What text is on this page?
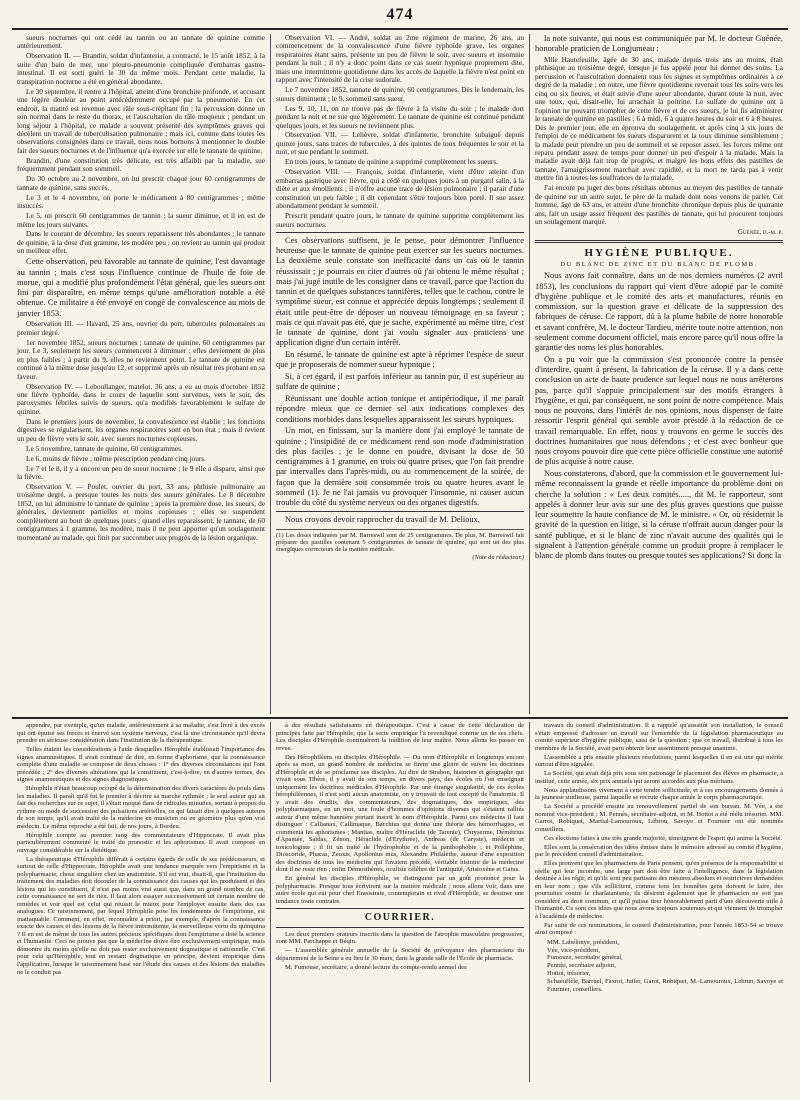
474

sueurs nocturnes qui ont cédé au tannin ou au tannate de quinine comme antérieurement.

Observation II. — Brandin, soldat d'infanterie, a contracté, le 15 août 1852, à la suite d'un bain de mer, une pleuro-pneumonie compliquée d'embarras gastro-intestinal. Il est sorti guéri le 30 du même mois. Pendant cette maladie, la transpiration nocturne a été en général abondante.

Le 30 septembre, il rentre à l'hôpital, atteint d'une bronchite profonde, et accusant une légère douleur au point antécédemment occupé par la pneumonie. En cet endroit, la matité est revenue avec râle sous-crépitant fin ; la percussion donne un son normal dans le reste du thorax, et l'auscultation du râle muqueux ; pendant un long séjour à l'hôpital, ce malade a souvent présenté des symptômes graves qui décèlent un travail de tuberculisation pulmonaire ; mais ici, comme dans toutes les observations consignées dans ce travail, nous nous bornons à mentionner le double fait des sueurs nocturnes et de l'influence qu'a exercée sur elle le tannate de quinine.

Brandin, d'une constitution très délicate, est très affaibli par la maladie, sue fréquemment pendant son sommeil.

Du 30 octobre au 2 novembre, on lui prescrit chaque jour 60 centigrammes de tannate de quinine, sans succès.

Le 3 et le 4 novembre, on porte le médicament à 80 centigrammes ; même insuccès.

Le 5, on prescrit 60 centigrammes de tannin ; la sueur diminue, et il en est de même les jours suivants.

Dans le courant de décembre, les sueurs reparaissent très abondantes ; le tannate de quinine, à la dose d'un gramme, les modère peu ; on revient au tannin qui produit un meilleur effet.

Cette observation, peu favorable au tannate de quinine, l'est davantage au tannin ; mais c'est sous l'influence continue de l'huile de foie de morue, qui a modifié plus profondément l'état général, que les sueurs ont fini par disparaître, en même temps qu'une amélioration notable a été obtenue. Ce militaire a été envoyé en congé de convalescence au mois de janvier 1853.

Observation III. — Havard, 25 ans, ouvrier du port, tubercules pulmonaires au premier degré.

1er novembre 1852, sueurs nocturnes ; tannate de quinine, 60 centigrammes par jour. Le 3, seulement les sueurs commencent à diminuer ; elles deviennent de plus en plus faibles ; à partir du 9, elles ne reviennent point. Le tannate de quinine est continué à la même dose jusqu'au 12, et supprimé après un résultat très probant en sa faveur.

Observation IV. — Leboullanger, matelot, 36 ans, a eu au mois d'octobre 1852 une fièvre typhoïde, dans le cours de laquelle sont survenus, vers le soir, des paroxysmes fébriles suivis de sueurs, qu'a modifiés favorablement le sulfate de quinine.

Dans le premiers jours de novembre, la convalescence est établie ; les fonctions digestives se régularisent, les organes respiratoires sont en bon état ; mais il revient un peu de fièvre vers le soir, avec sueurs nocturnes copieuses.

Le 5 novembre, tannate de quinine, 60 centigrammes.

Le 6, moins de fièvre ; même prescription pendant cinq jours.

Le 7 et le 8, il y a encore un peu de sueur nocturne ; le 9 elle a disparu, ainsi que la fièvre.

Observation V. — Poulet, ouvrier du port, 33 ans, phthisie pulmonaire au troisième degré, a presque toutes les nuits des sueurs générales. Le 8 décembre 1852, on lui administre le tannate de quinine ; après la première dose, les sueurs, de générales, deviennent partielles et moins copieuses ; elles se suspendent complètement au bout de quelques jours ; quand elles reparaissent, le tannate, de 60 centigrammes à 1 gramme, les modère, mais il ne peut apporter qu'un soulagement momentané au malade, qui finit par succomber aux progrès de la lésion organique.

Observation VI. — André, soldat au 2me régiment de marine, 26 ans, au commencement de la convalescence d'une fièvre typhoïde grave, les organes respiratoires étant sains, présente un peu de fièvre le soir, avec sueurs et insomnie pendant la nuit ; il n'y a donc point dans ce cas sueur hypnique proprement dite, mais une intermittente quotidienne dans les accès de laquelle la fièvre n'est point en rapport avec l'intensité de la crise sudorale.

Le 7 novembre 1852, tannate de quinine, 60 centigrammes. Dès le lendemain, les sueurs diminuent ; le 9, sommeil sans sueur.

Les 9, 10, 11, on ne trouve pas de fièvre à la visite du soir ; le malade dort pendant la nuit et ne sue que légèrement. Le tannate de quinine est continué pendant quelques jours, et les sueurs ne reviennent plus.

Observation VII. — Lelièvre, soldat d'infanterie, bronchite subaiguë depuis quinze jours, sans traces de tubercules, à des quintes de toux fréquentes le soir et la nuit, et sue pendant le sommeil.

En trois jours, le tannate de quinine a supprimé complètement les sueurs.

Observation VIII. — François, soldat d'infanterie, vient d'être atteint d'un embarras gastrique avec fièvre, qui a cédé en quelques jours à un purgatif salin, à la diète et aux émollients ; il n'offre aucune trace de lésion pulmonaire ; il parait d'une constitution un peu faible ; il dit cependant s'être toujours bien porté. Il sue assez abondamment pendant le sommeil.

Prescrit pendant quatre jours, le tannate de quinine supprime complètement les sueurs nocturnes.

Ces observations suffisent, je le pense, pour démontrer l'influence heureuse que le tannate de quinine peut exercer sur les sueurs nocturnes. La deuxième seule constate son inefficacité dans un cas où le tannin réussissait ; je pourrais en citer d'autres où j'ai obtenu le même résultat ; mais j'ai jugé inutile de les consigner dans ce travail, parce que l'action du tannin et de quelques substances tannifères, telles que le cachou, contre le symptôme sueur, est connue et appréciée depuis longtemps ; seulement il était utile peut-être de déposer un nouveau témoignage en sa faveur ; mais ce qui n'avait pas été, que je sache, expérimenté au même titre, c'est le tannate de quinine, dont j'ai voulu signaler aux praticiens une application digne d'un certain intérêt.

En résumé, le tannate de quinine est apte à réprimer l'espèce de sueur que je proposerais de nommer sueur hypnique ;

Si, à cet égard, il est parfois inférieur au tannin pur, il est supérieur au sulfate de quinine ;

Réunissant une double action tonique et antipériodique, il me paraît répondre mieux que ce dernier sel aux indications complexes des conditions morbides dans lesquelles apparaissent les sueurs hypniques.

Un mot, en finissant, sur la manière dont j'ai employé le tannate de quinine ; l'insipidité de ce médicament rend son mode d'administration des plus faciles ; je le donne en poudre, divisant la dose de 50 centigrammes à 1 gramme, en trois ou quatre prises, que l'on fait prendre par intervalles dans l'après-midi, ou au commencement de la soirée, de façon que la dernière soit consommée trois ou quatre heures avant le sommeil (1). Je ne l'ai jamais vu provoquer l'insomnie, ni causer aucun trouble du côté du système nerveux ou des organes digestifs.

Nous croyons devoir rapprocher du travail de M. Delioux,

(1) Les doses indiquées par M. Barreswil sont de 25 centigrammes. De plus, M. Barreswil fait préparer des pastilles contenant 5 centigrammes de tannate de quinine, qui sont un des plus énergiques correcteurs de la matière médicale.
(Note du rédacteur.)

la note suivante, qui nous est communiquée par M. le docteur Guénée, honorable praticien de Longjumeau :

Mlle Hautefeuille, âgée de 30 ans, malade depuis trois ans au moins, était phthisique au troisième degré, lorsque je fus appelé pour lui donner des soins. La percussion et l'auscultation donnaient tous les signes et symptômes ordinaires à ce degré de la maladie ; en outre, une fièvre quotidienne revenait tous les soirs vers les cinq ou six heures, et était suivie d'une sueur abondante, durant toute la nuit, avec une toux, qui, disait-elle, lui arrachait la poitrine. Le sulfate de quinine ont à l'opinion ne pouvant triompher de cette fièvre et de ces sueurs, je lui fis administrer le tannate de quinine en pastilles : 6 à midi, 6 à quatre heures du soir et 6 à 8 heures. Dès le premier jour, elle en éprouva du soulagement, et après cinq à six jours de l'emploi de ce médicament les sueurs disparurent et la toux diminue sensiblement ; la malade peut prendre un peu de sommeil et se reposer assez. les forces même ont reparu pendant assez de temps pour donner un peu d'espoir à la malade. Mais la maladie avait déjà fait trop de progrès, et malgré les bons effets des pastilles de tannate, l'amaigrissement marchait avec rapidité, et la mort ne tarda pas à venir mettre fin à toutes les souffrances de la malade.

J'ai encore pu juger des bons résultats obtenus au moyen des pastilles de tannate de quinine sur un autre sujet, le père de la malade dont nous venons de parler. Cet homme, âgé de 63 ans, et atteint d'une bronchite chronique depuis plus de quarante ans, fait un usage assez fréquent des pastilles de tannate, qui lui procurent toujours un soulagement marqué.

Guénée, d.-m. p.
HYGIÈNE PUBLIQUE.
DU BLANC DE ZINC ET DU BLANC DE PLOMB.

Nous avons fait connaître, dans un de nos derniers numéros (2 avril 1853), les conclusions du rapport qui vient d'être adopté par le comité d'hygiène publique et le comité des arts et manufactures, réunis en commission, sur la question grave et délicate de la suppression des fabriques de céruse. Ce rapport, dû à la plume habile de notre honorable et savant confrère, M. le docteur Tardieu, mérite toute notre attention, non seulement comme document officiel, mais encore parce qu'il nous offre la garantie des noms les plus honorables.

On a pu voir que la commission s'est prononcée contre la pensée d'interdire, quant à présent, la fabrication de la céruse. Il y a dans cette conclusion un acte de haute prudence sur lequel nous ne nous arrêterons pas, parce qu'il s'appuie principalement sur des motifs étrangers à l'hygiène, et qui, par conséquent, ne sont point de notre compétence. Mais nous ne pouvons, dans l'intérêt de nos opinions, nous dispenser de faire ressortir l'esprit général qui semble avoir présidé à la rédaction de ce travail remarquable. En effet, nous y trouvons en germe le succès des doctrines humanitaires que nous défendons ; et c'est avec bonheur que nous croyons pouvoir dire que cette pièce officielle constitue une autorité de plus acquise à notre cause.

Nous constaterons, d'abord, que la commission et le gouvernement lui-même reconnaissent la grande et réelle importance du problème dont on cherche la solution : « Les deux comités....., dit M. le rapporteur, sont appelés à donner leur avis sur une des plus graves questions que puisse leur soumettre la haute confiance de M. le ministre. » Or, où résidernit la gravité de la question en litige, si la céruse n'offrait aucun danger pour la santé publique, et si le blanc de zinc n'avait aucune des qualités qui le signalent à l'attention générale comme un produit propre à remplacer le blanc de plomb dans toutes ou presque toutes ses applications? Si donc la

appendre, par exemple, qu'un malade, antérieurement à sa maladie, s'est livré à des excès qui ont épuisé ses forces et énervé son système nerveux, c'est là une circonstance qu'il devra prendre en sérieuse considération dans l'institution de la thérapeutique.

Telles étaient les considérations à l'aide desquelles Hérophile établissait l'importance des signes anamnestiques. Il avait continué de dire, en forme d'aphorisme, que la connaissance complète d'une maladie se compose de deux choses : 1° des diverses circonstances qui l'ont précédée ; 2° des diverses altérations qui la constituent, c'est-à-dire, en d'autres termes, des signes anamnestiques et des signes diagnostiques.

Hérophile n'était beaucoup occupé de la détermination des divers caractères du pouls dans les maladies. Il paraît qu'il fut le premier à décrire sa marche rythmée ; le seul auteur qui ait fait des recherches sur ce sujet, il s'était moqué dans de ridicules minuties, sortant à propos du rythme ou mode de succession des pulsations artérielles, ce qui faisait dire à quelques auteurs de son temps, qu'il avait traité de la médecine en musicien ou en géomètre plus qu'en vrai médecin. Le même reproche a été fait, de nos jours, à Bordeu.

Hérophile compte au premier rang des commentateurs d'Hippocrate. Il avait plus particulièrement commenté le traité du pronostic et les aphorismes. Il avait composé un ouvrage considérable sur la diététique.

La thérapeutique d'Hérophile différait à certains égards de celle de ses prédécesseurs, et surtout de celle d'Hippocrate. Hérophile avait une tendance marquée vers l'empirisme et la polypharmacie, chose singulière chez un anatomiste. S'il est vrai, disait-il, que l'institution du traitement des maladies doit découler de la connaissance des causes qui les produisent et des lésions qui les constituent, il n'est pas moins vrai aussi que, dans un grand nombre de cas, cette connaissance ne sert de rien. Il faut alors essayer successivement un certain nombre de remèdes et voir quel est celui qui réussit le mieux pour l'employer ensuite dans des cas analogues. Ce raisonnement, par lequel Hérophile pose les fondements de l'empirisme, est inattaquable. Comment, en effet, reconnaître a priori, par exemple, d'après la connaissance exacte des causes et des lésions de la fièvre intermittente, la merveilleuse vertu du quinquina ? Il en est de même de tous les autres précieux spécifiques dont l'empirisme a doté la science et l'humanité. Ceci ne prouve pas que la médecine doive être exclusivement empirique, mais démontre du moins qu'elle ne doit pas rester exclusivement dogmatique et rationnelle. C'est pour cela qu'Hérophile, tout en restant dogmatique en principe, devient empirique dans l'application, lorsque le raisonnement basé sur l'étude des causes et des lésions des maladies ne le conduit pas

à des résultats satisfaisants en thérapeutique. C'est à cause de cette déclaration de principes faite par Hérophile, que la secte empirique l'a revendiqué comme un de ses chefs. Les disciples d'Hérophile continuèrent la tradition de leur maître. Nous allons les passer en revue.

Des Hérophiléens ou disciples d'Hérophile. — Du nom d'Hérophile et longtemps encore après sa mort, un grand nombre de médecins se firent une gloire de suivre les doctrines d'Hérophile et de se proclamer ses disciples. Au dire de Strabon, historien et géographe qui vivait sous Tibère, il y avait de son temps, en divers pays, des écoles où l'on enseignait uniquement les doctrines médicales d'Hérophile. Par une étrange singularité, de ces écoles hérophiléennes, il n'est sorti aucun anatomiste, on y trouvait de tout excepté de l'anatomie. Il y avait des érudits, des commentateurs, des dogmatiques, des empiriques, des polypharmaques, en un mot, une foule d'hommes d'opinions diverses qui s'étaient ralliés autour d'une même bannière portant inscrit le nom d'Hérophile. Parmi ces médecins il faut distinguer : Callianax, Callimaque, Bacchius qui donna une théorie des hémorrhagies, et commenta les aphorismes ; Mantias, maître d'Héraclide (de Tarente), Chrysermе, Démétrius d'Apamée, Saïdas, Zénon, Héraclide (d'Erythrée), Andreas (de Caryste), médecin et toxicologiste ; il fit un traité de l'hydrophobie et de la panthophobie ; et Polléphine, Dioscoride, Phacas, Zeuxis, Apollonius mus, Alexandre Philalèthe, auteur d'une exposition des doctrines de tous les médecins qui l'avaient précédé, véritable histoire de la médecine dont il ne reste rien ; enfin Démosthènes, oculiste célèbre de l'antiquité, Aristoxène et Gaius.

En général les disciples d'Hérophile, se distinguent par un goût prononcé pour la polypharmacie. Presque tous écrivirent sur la matière médicale ; nous allons voir, dans une autre école qui eut pour chef Erasistrate, contemporain et rival d'Hérophile, se dessiner une tendance toute contraire.

COURRIER.

Les deux premiers orateurs inscrits dans la question de l'atrophie musculaire progressive, sont MM. Parchappe et Béqin.

— L'assemblée générale annuelle de la Société de prévoyance des pharmaciens du département de la Seine a eu lieu le 30 mars, dans la grande salle de l'École de pharmacie.

M. Fumouse, secrétaire, a donné lecture du compte-rendu annuel des

travaux du conseil d'administration. Il a rappelé qu'aussitôt son installation, le conseil s'était empressé d'adresser un travail sur l'ensemble de la législation pharmaceutique au comité supérieur d'hygiène publique, saisi de la question ; que ce travail, distribué à tous les membres de la Société, avait paru obtenir leur assentiment presque unanime.

L'assemblée a pris ensuite plusieurs résolutions, parmi lesquelles il en est une qui mérite surtout d'être signalée.

La Société, qui avait déjà pris sous son patronage le placement des élèves en pharmacie, a institué, cette année, six prix annuels qui seront accordés aux plus méritans.

Nous applaudissons vivement à cette tendre sollicitude, et à ces encouragements donnés à la jeunesse studieuse, parmi laquelle se recrute chaque année le corps pharmaceutique.

La Société a procédé ensuite au renouvellement partiel de son bureau. M. Vée, a été nommé vice-président ; M. Pennès, secrétaire-adjoint, et M. Hottot a été réélu trésorier. MM. Garrot, Robiquet, Martial-Lamouroux, Lebrou, Savoye et Fournier ont été nommés conseillers.

Ces élections faites à une très grande majorité, témoignent de l'esprit qui anime la Société.

Elles sont la consécration des idées émises dans le mémoire adressé au comité d'hygiène, par le précédent conseil d'administration.

Elles prouvent que les pharmaciens de Paris pensent, qu'en présence de la responsabilité si réelle qui leur incombe, une large part doit être faite à l'intelligence, dans la législation destinée à les régir, et qu'ils sont peu partisans des mesures absolues et restrictives demandées en leur nom ; que s'ils sollicitent, comme tous les honnêtes gens doivent le faire, des poursuites contre le charlatanisme, ils désirent également que le pharmacien ne soit pas considéré au droit commun, et qu'il puisse tirer honorablement parti d'une découverte utile à l'humanité. Ce sont ces idées que nous avons toujours soutenues et qui viennent de triompher à l'académie de médecine.

Par suite de ces nominations, le conseil d'administration, pour l'année 1853-54 se trouve ainsi composé :

MM. Labélonye, président,
Vée, vice-président,
Fumouze, secrétaire général,
Pennès, secrétaire adjoint,
Hottot, trésorier,
Schaeuffèle, Barruel, Faxrot, Juiler, Garot, Robiquet, M.-Lamouroux, Lebrun, Savoye et Fournier, conseillers.
